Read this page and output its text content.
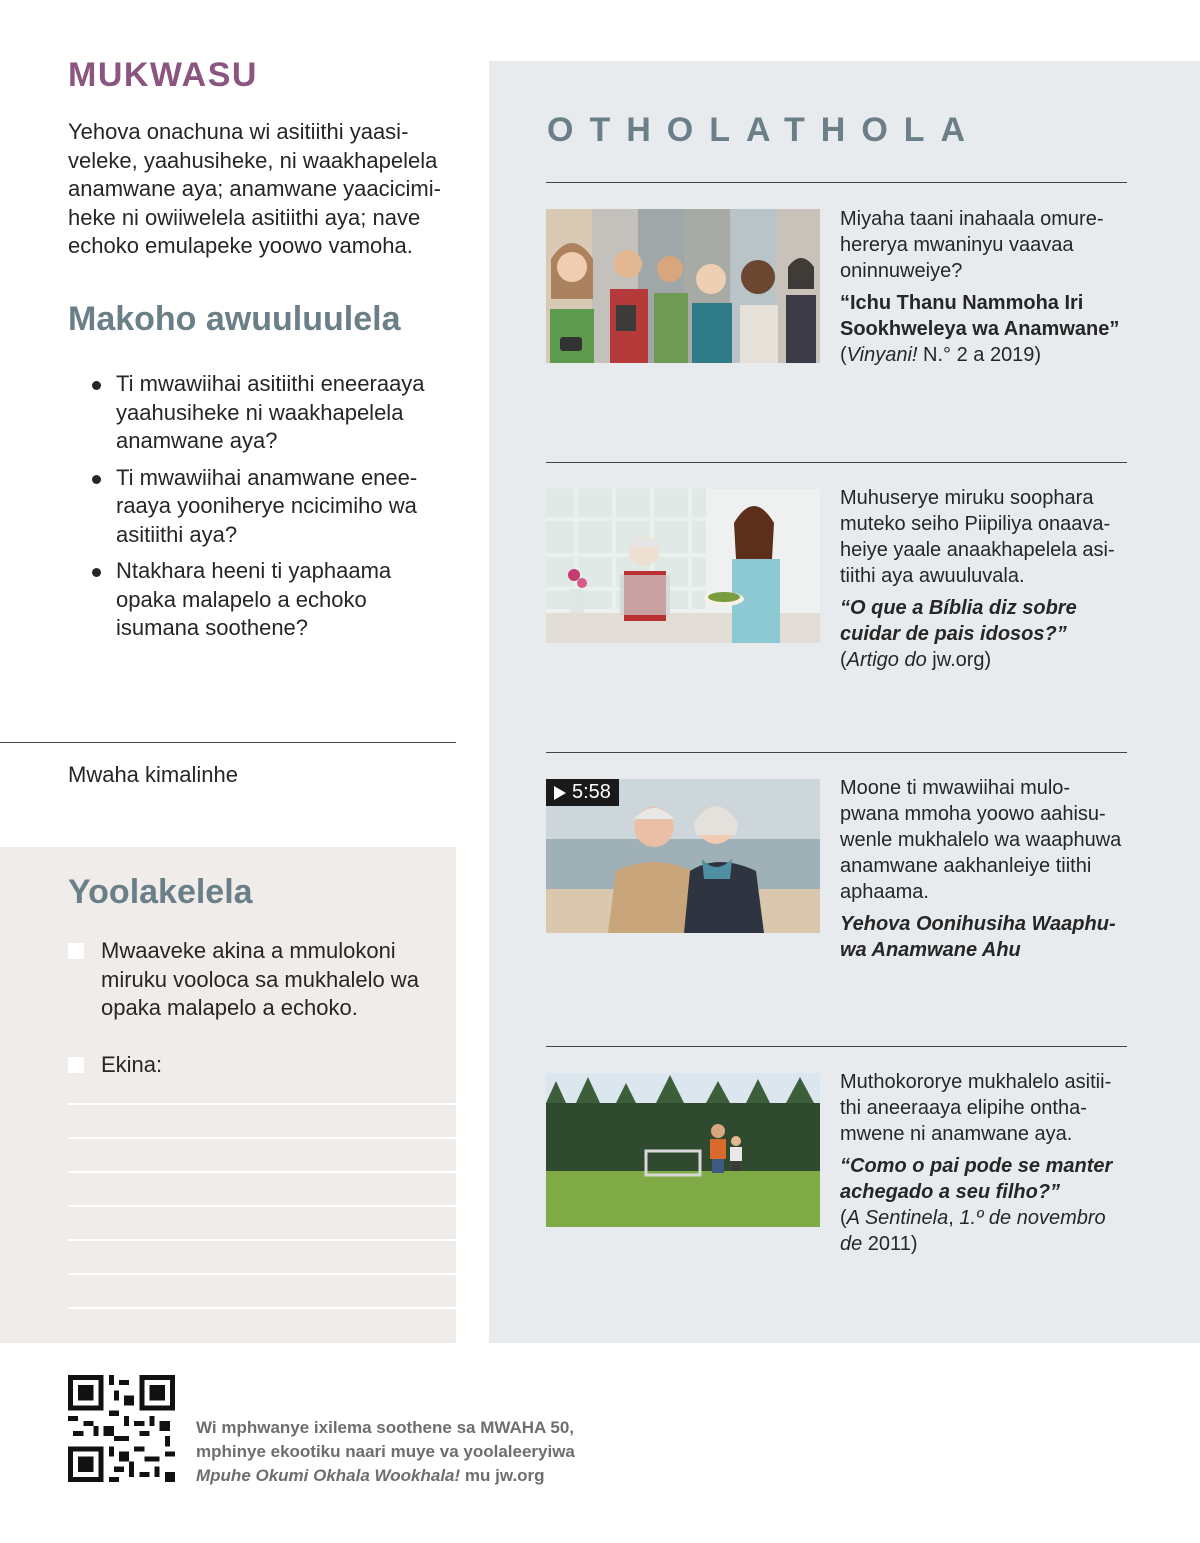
MUKWASU

Yehova onachuna wi asitiithi yaasiveleke, yaahusiheke, ni waakhapelela anamwane aya; anamwane yaacicimiheke ni owiiwelela asitiithi aya; nave echoko emulapeke yoowo vamoha.

Makoho awuuluulela
Ti mwawiihai asitiithi eneeraaya yaahusiheke ni waakhapelela anamwane aya?
Ti mwawiihai anamwane eneeraaya yooniherye ncicimiho wa asitiithi aya?
Ntakhara heeni ti yaphaama opaka malapelo a echoko isumana soothene?
Mwaha kimalinhe
Yoolakelela
Mwaaveke akina a mmulokoni miruku vooloca sa mukhalelo wa opaka malapelo a echoko.
Ekina:
OTHOLATHOLA
Miyaha taani inahaala omurehererya mwaninyu vaavaa oninnuweiye?
“Ichu Thanu Nammoha Iri Sookhweleya wa Anamwane”
(Vinyani! N.° 2 a 2019)
Muhuserye miruku soophara muteko seiho Piipiliya onaavaheiye yaale anaakhapelela asitiithi aya awuuluvala.
“O que a Bíblia diz sobre cuidar de pais idosos?”
(Artigo do jw.org)
5:58	Moone ti mwawiihai mulopwana mmoha yoowo aahisuwenle mukhalelo wa waaphuwa anamwane aakhanleiye tiithi aphaama.
Yehova Oonihusiha Waaphuwa Anamwane Ahu
Muthokororye mukhalelo asitiithi aneeraaya elipihe onthamwene ni anamwane aya.
“Como o pai pode se manter achegado a seu filho?”
(A Sentinela, 1.º de novembro de 2011)

Wi mphwanye ixilema soothene sa MWAHA 50, mphinye ekootiku naari muye va yoolaleeryiwa
Mpuhe Okumi Okhala Wookhala! mu jw.org
